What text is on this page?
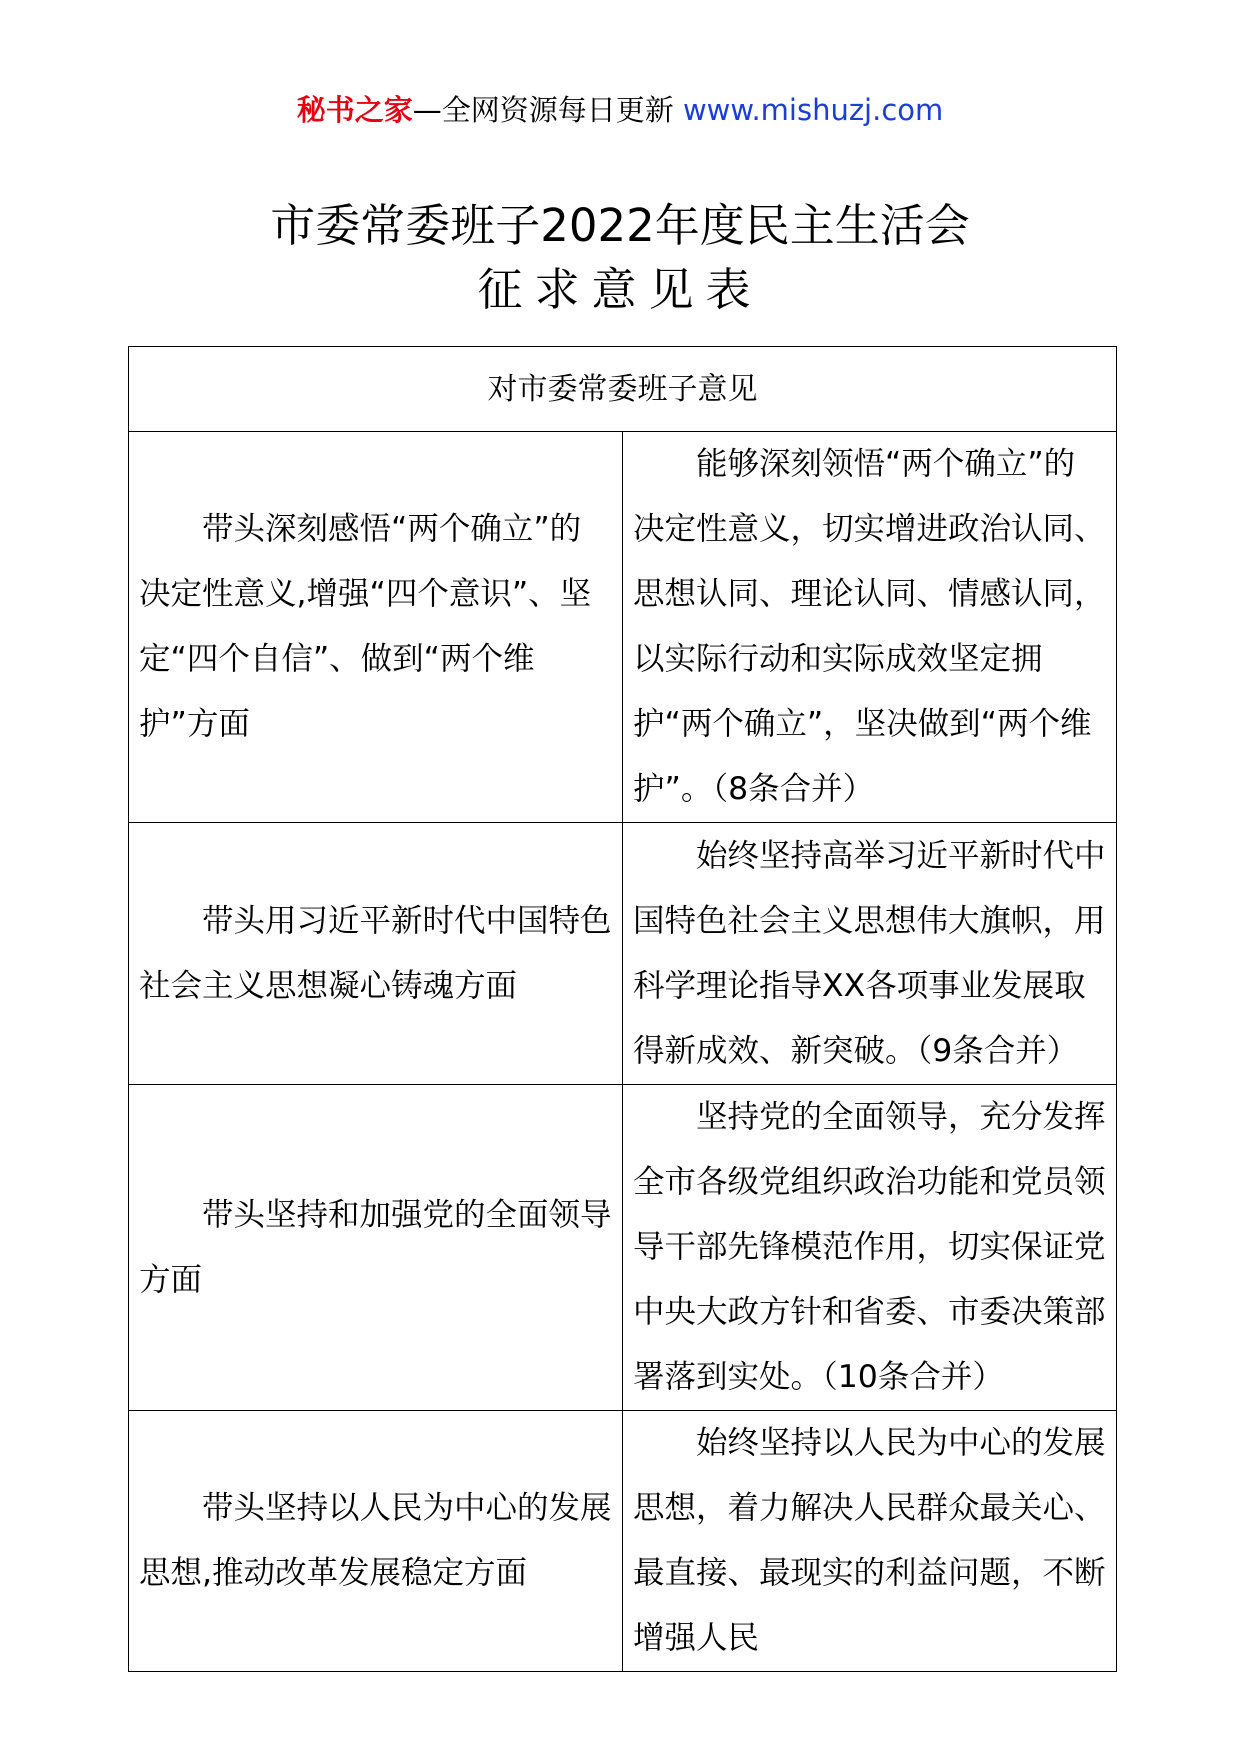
秘书之家—全网资源每日更新 www.mishuzj.com
市委常委班子2022年度民主生活会
征求意见表
对市委常委班子意见	
带头深刻感悟“两个确立”的决定性意义,增强“四个意识”、坚定“四个自信”、做到“两个维护”方面	能够深刻领悟“两个确立”的决定性意义，切实增进政治认同、思想认同、理论认同、情感认同，以实际行动和实际成效坚定拥护“两个确立”，坚决做到“两个维护”。（8条合并）
带头用习近平新时代中国特色社会主义思想凝心铸魂方面	始终坚持高举习近平新时代中国特色社会主义思想伟大旗帜，用科学理论指导XX各项事业发展取得新成效、新突破。（9条合并）
带头坚持和加强党的全面领导方面	坚持党的全面领导，充分发挥全市各级党组织政治功能和党员领导干部先锋模范作用，切实保证党中央大政方针和省委、市委决策部署落到实处。（10条合并）
带头坚持以人民为中心的发展思想,推动改革发展稳定方面	始终坚持以人民为中心的发展思想，着力解决人民群众最关心、最直接、最现实的利益问题，不断增强人民
